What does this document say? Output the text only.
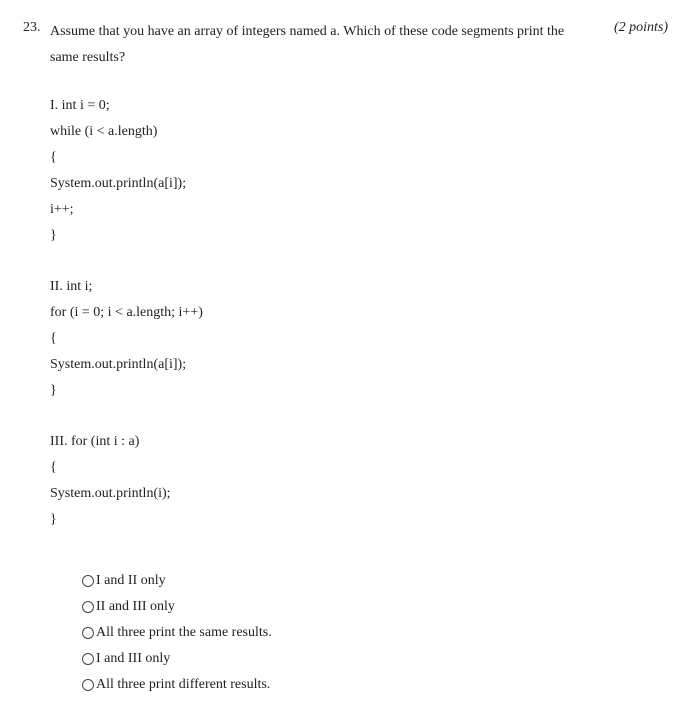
23. Assume that you have an array of integers named a. Which of these code segments print the same results?
(2 points)
I. int i = 0;
while (i < a.length)
{
System.out.println(a[i]);
i++;
}
II. int i;
for (i = 0; i < a.length; i++)
{
System.out.println(a[i]);
}
III. for (int i : a)
{
System.out.println(i);
}
I and II only
II and III only
All three print the same results.
I and III only
All three print different results.
